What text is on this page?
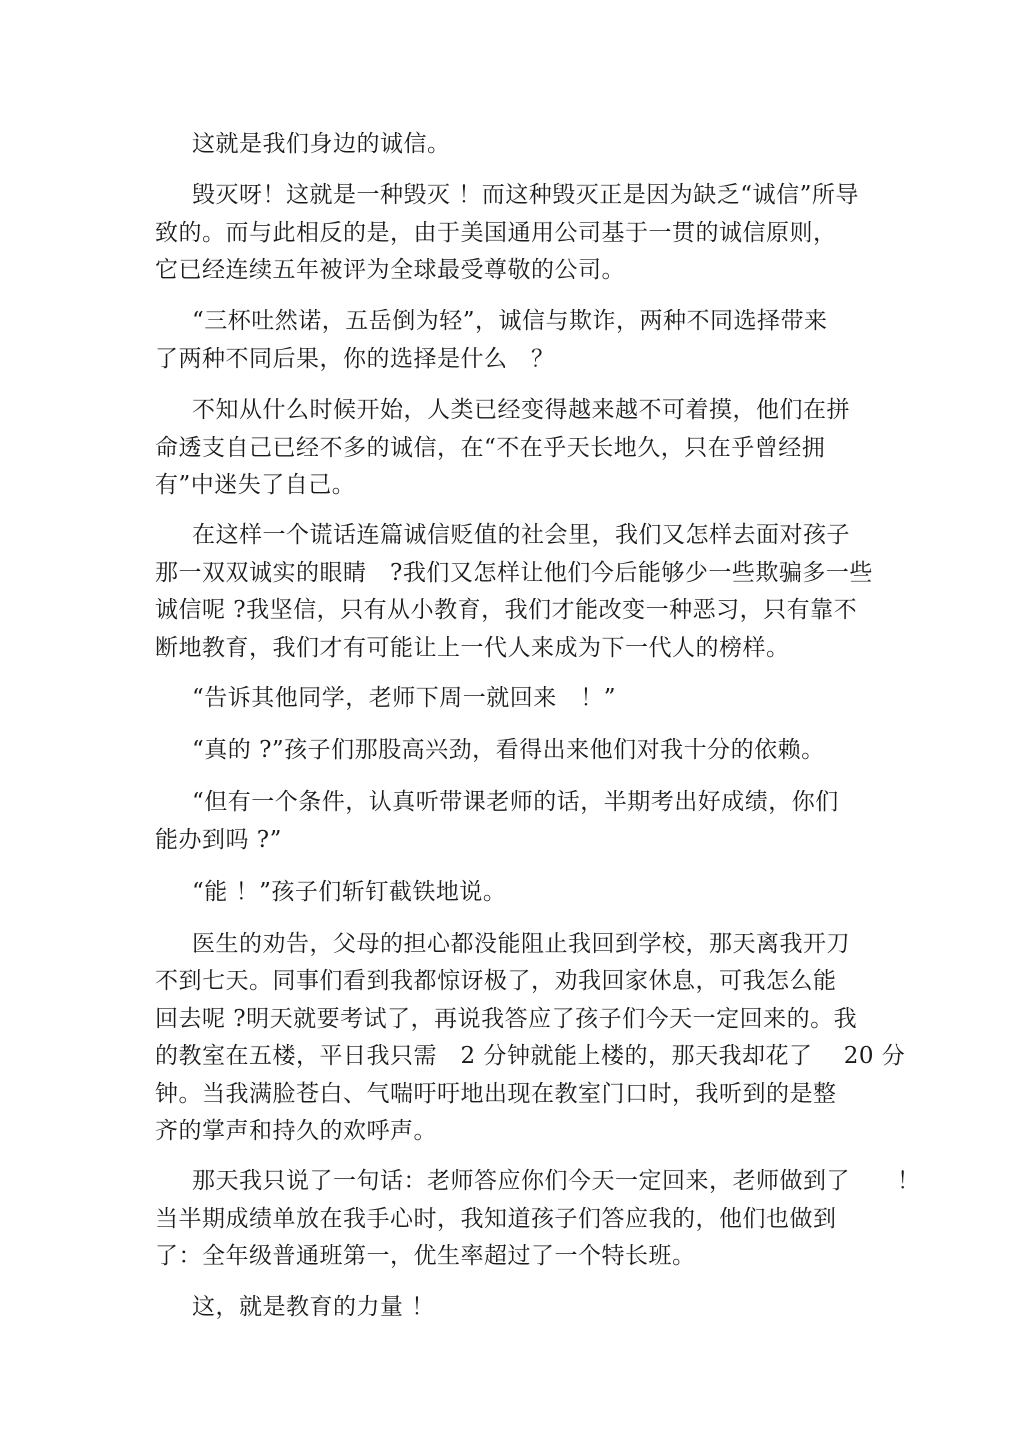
这就是我们身边的诚信。
毁灭呀！这就是一种毁灭 ！而这种毁灭正是因为缺乏“诚信”所导
致的。而与此相反的是，由于美国通用公司基于一贯的诚信原则，
它已经连续五年被评为全球最受尊敬的公司。
“三杯吐然诺，五岳倒为轻”，诚信与欺诈，两种不同选择带来
了两种不同后果，你的选择是什么　？
不知从什么时候开始，人类已经变得越来越不可着摸，他们在拼
命透支自己已经不多的诚信，在“不在乎天长地久，只在乎曾经拥
有”中迷失了自己。
在这样一个谎话连篇诚信贬值的社会里，我们又怎样去面对孩子
那一双双诚实的眼睛　?我们又怎样让他们今后能够少一些欺骗多一些
诚信呢 ?我坚信，只有从小教育，我们才能改变一种恶习，只有靠不
断地教育，我们才有可能让上一代人来成为下一代人的榜样。
“告诉其他同学，老师下周一就回来　！”
“真的 ?”孩子们那股高兴劲，看得出来他们对我十分的依赖。
“但有一个条件，认真听带课老师的话，半期考出好成绩，你们
能办到吗 ?”
“能 ！”孩子们斩钉截铁地说。
医生的劝告，父母的担心都没能阻止我回到学校，那天离我开刀
不到七天。同事们看到我都惊讶极了，劝我回家休息，可我怎么能
回去呢 ?明天就要考试了，再说我答应了孩子们今天一定回来的。我
的教室在五楼，平日我只需　2 分钟就能上楼的，那天我却花了　 20 分
钟。当我满脸苍白、气喘吁吁地出现在教室门口时，我听到的是整
齐的掌声和持久的欢呼声。
那天我只说了一句话：老师答应你们今天一定回来，老师做到了　　！
当半期成绩单放在我手心时，我知道孩子们答应我的，他们也做到
了：全年级普通班第一，优生率超过了一个特长班。
这，就是教育的力量 ！
